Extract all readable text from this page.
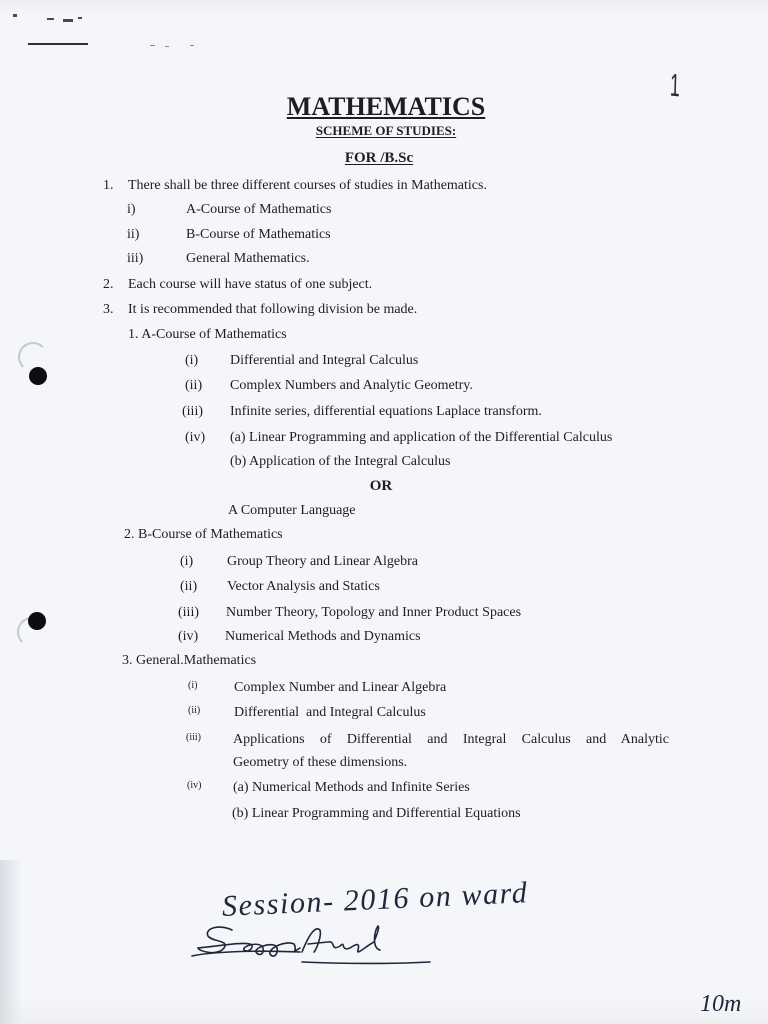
1
MATHEMATICS
SCHEME OF STUDIES:
FOR /B.Sc
1. There shall be three different courses of studies in Mathematics.
i)	A-Course of Mathematics
ii)	B-Course of Mathematics
iii)	General Mathematics.
2. Each course will have status of one subject.
3. It is recommended that following division be made.
1. A-Course of Mathematics
(i) Differential and Integral Calculus
(ii) Complex Numbers and Analytic Geometry.
(iii) Infinite series, differential equations Laplace transform.
(iv) (a) Linear Programming and application of the Differential Calculus
(b) Application of the Integral Calculus
OR
A Computer Language
2. B-Course of Mathematics
(i) Group Theory and Linear Algebra
(ii) Vector Analysis and Statics
(iii) Number Theory, Topology and Inner Product Spaces
(iv) Numerical Methods and Dynamics
3. General.Mathematics
(i)	Complex Number and Linear Algebra
(ii) Differential  and Integral Calculus
(iii) Applications of Differential and Integral Calculus and Analytic
Geometry of these dimensions.
(iv) (a) Numerical Methods and Infinite Series
(b) Linear Programming and Differential Equations
Session- 2016 on ward
10m
